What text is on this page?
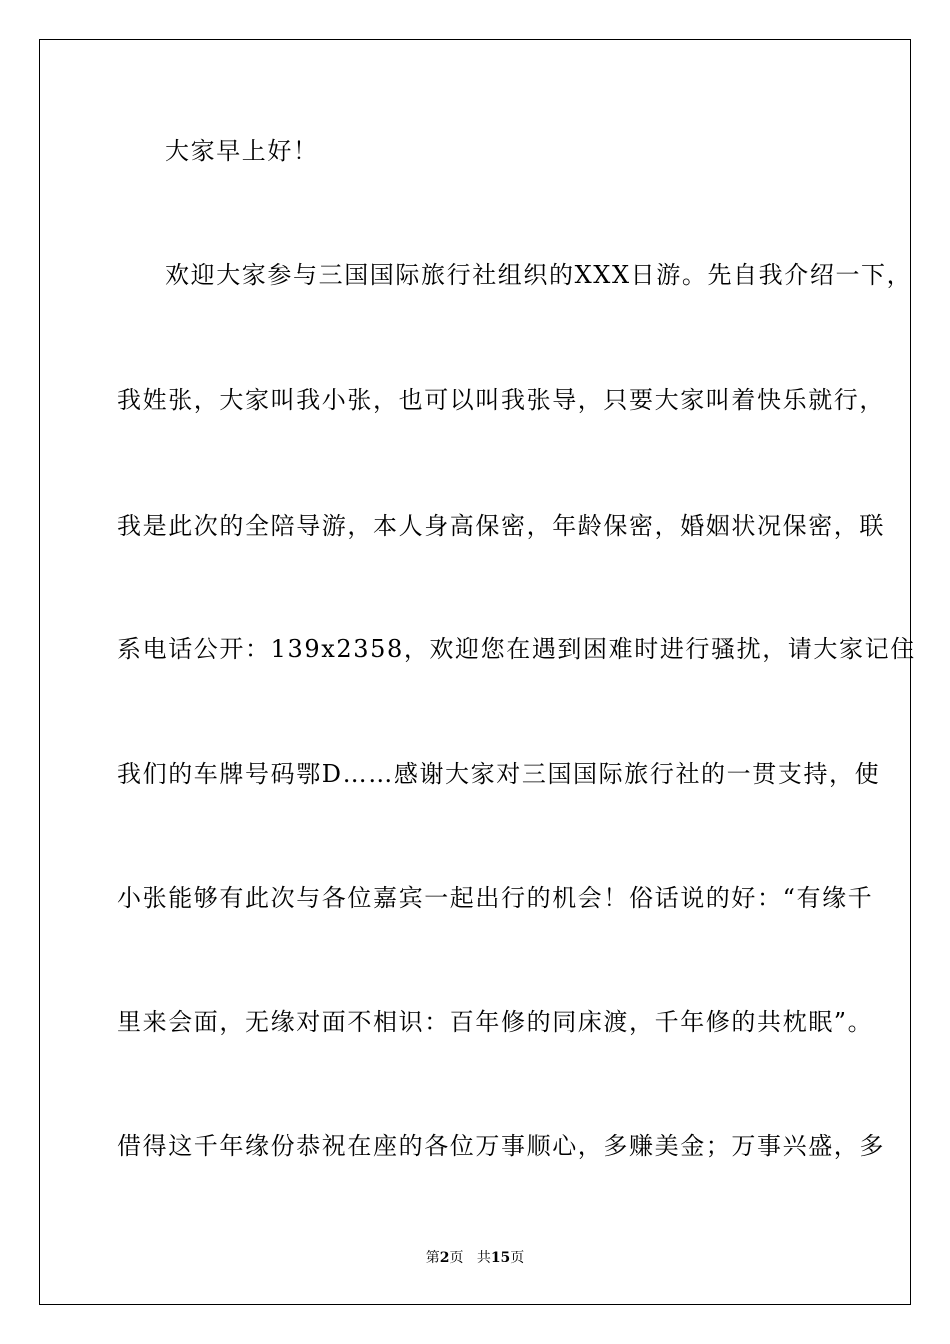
大家早上好！
欢迎大家参与三国国际旅行社组织的XXX日游。先自我介绍一下，
我姓张，大家叫我小张，也可以叫我张导，只要大家叫着快乐就行，
我是此次的全陪导游，本人身高保密，年龄保密，婚姻状况保密，联
系电话公开：139x2358，欢迎您在遇到困难时进行骚扰，请大家记住
我们的车牌号码鄂D……感谢大家对三国国际旅行社的一贯支持，使
小张能够有此次与各位嘉宾一起出行的机会！俗话说的好：“有缘千
里来会面，无缘对面不相识：百年修的同床渡，千年修的共枕眠”。
借得这千年缘份恭祝在座的各位万事顺心，多赚美金；万事兴盛，多
第2页 共15页
